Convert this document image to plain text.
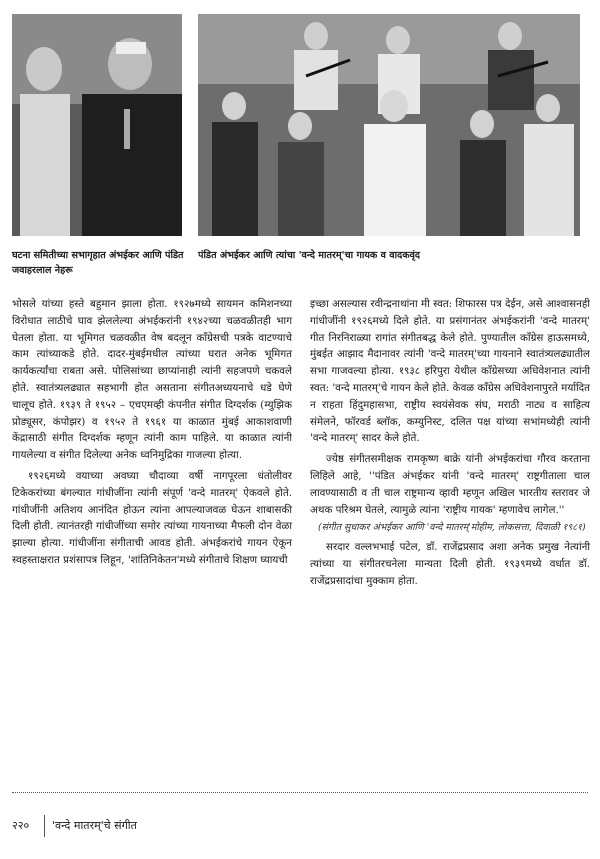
घटना समितीच्या सभागृहात अंभईकर आणि पंडित जवाहरलाल नेहरू
पंडित अंभईकर आणि त्यांचा 'वन्दे मातरम्'चा गायक व वादकवृंद

भोसले यांच्या हस्ते बहुमान झाला होता. १९२७मध्ये सायमन कमिशनच्या विरोधात लाठीचे घाव झेललेल्या अंभईकरांनी १९४२च्या चळवळीतही भाग घेतला होता. या भूमिगत चळवळीत वेष बदलून काँग्रेसची पत्रके वाटण्याचे काम त्यांच्याकडे होते. दादर-मुंबईमधील त्यांच्या घरात अनेक भूमिगत कार्यकर्त्यांचा राबता असे. पोलिसांच्या छाप्यांनाही त्यांनी सहजपणे चकवले होते. स्वातंत्र्यलढ्यात सहभागी होत असताना संगीतअध्ययनाचे धडे घेणे चालूच होते. १९३९ ते १९५२ – एचएमव्ही कंपनीत संगीत दिग्दर्शक (म्युझिक प्रोड्यूसर, कंपोझर) व १९५२ ते १९६१ या काळात मुंबई आकाशवाणी केंद्रासाठी संगीत दिग्दर्शक म्हणून त्यांनी काम पाहिले. या काळात त्यांनी गायलेल्या व संगीत दिलेल्या अनेक ध्वनिमुद्रिका गाजल्या होत्या.

१९२६मध्ये वयाच्या अवघ्या चौदाव्या वर्षी नागपूरला धंतोलीवर टिकेकरांच्या बंगल्यात गांधीजींना त्यांनी संपूर्ण 'वन्दे मातरम्' ऐकवले होते. गांधीजींनी अतिशय आनंदित होऊन त्यांना आपल्याजवळ घेऊन शाबासकी दिली होती. त्यानंतरही गांधीजींच्या समोर त्यांच्या गायनाच्या मैफली दोन वेळा झाल्या होत्या. गांधीजींना संगीताची आवड होती. अंभईकरांचे गायन ऐकून स्वहस्ताक्षरात प्रशंसापत्र लिहून, 'शांतिनिकेतन'मध्ये संगीताचे शिक्षण घ्यायची

इच्छा असल्यास रवीन्द्रनाथांना मी स्वत: शिफारस पत्र देईन, असे आश्वासनही गांधीजींनी १९२६मध्ये दिले होते. या प्रसंगानंतर अंभईकरांनी 'वन्दे मातरम्' गीत निरनिराळ्या रागांत संगीतबद्ध केले होते. पुण्यातील काँग्रेस हाऊसमध्ये, मुंबईत आझाद मैदानावर त्यांनी 'वन्दे मातरम्'च्या गायनाने स्वातंत्र्यलढ्यातील सभा गाजवल्या होत्या. १९३८ हरिपुरा येथील काँग्रेसच्या अधिवेशनात त्यांनी स्वत: 'वन्दे मातरम्'चे गायन केले होते. केवळ काँग्रेस अधिवेशनापुरते मर्यादित न राहता हिंदुमहासभा, राष्ट्रीय स्वयंसेवक संघ, मराठी नाट्य व साहित्य संमेलने, फॉरवर्ड ब्लॉक, कम्युनिस्ट, दलित पक्ष यांच्या सभांमध्येही त्यांनी 'वन्दे मातरम्' सादर केले होते.

ज्येष्ठ संगीतसमीक्षक रामकृष्ण बाक्रे यांनी अंभईकरांचा गौरव करताना लिहिले आहे, ''पंडित अंभईकर यांनी 'वन्दे मातरम्' राष्ट्रगीताला चाल लावण्यासाठी व ती चाल राष्ट्रमान्य व्हावी म्हणून अखिल भारतीय स्तरावर जे अथक परिश्रम घेतले, त्यामुळे त्यांना 'राष्ट्रीय गायक' म्हणावेच लागेल.''

(संगीत सुधाकर अंभईकर आणि 'वन्दे मातरम्'मोहीम, लोकसत्ता, दिवाळी १९८१)

सरदार वल्लभभाई पटेल, डॉ. राजेंद्रप्रसाद अशा अनेक प्रमुख नेत्यांनी त्यांच्या या संगीतरचनेला मान्यता दिली होती. १९३९मध्ये वर्धात डॉ. राजेंद्रप्रसादांचा मुक्काम होता.

२२० 'वन्दे मातरम्'चे संगीत
